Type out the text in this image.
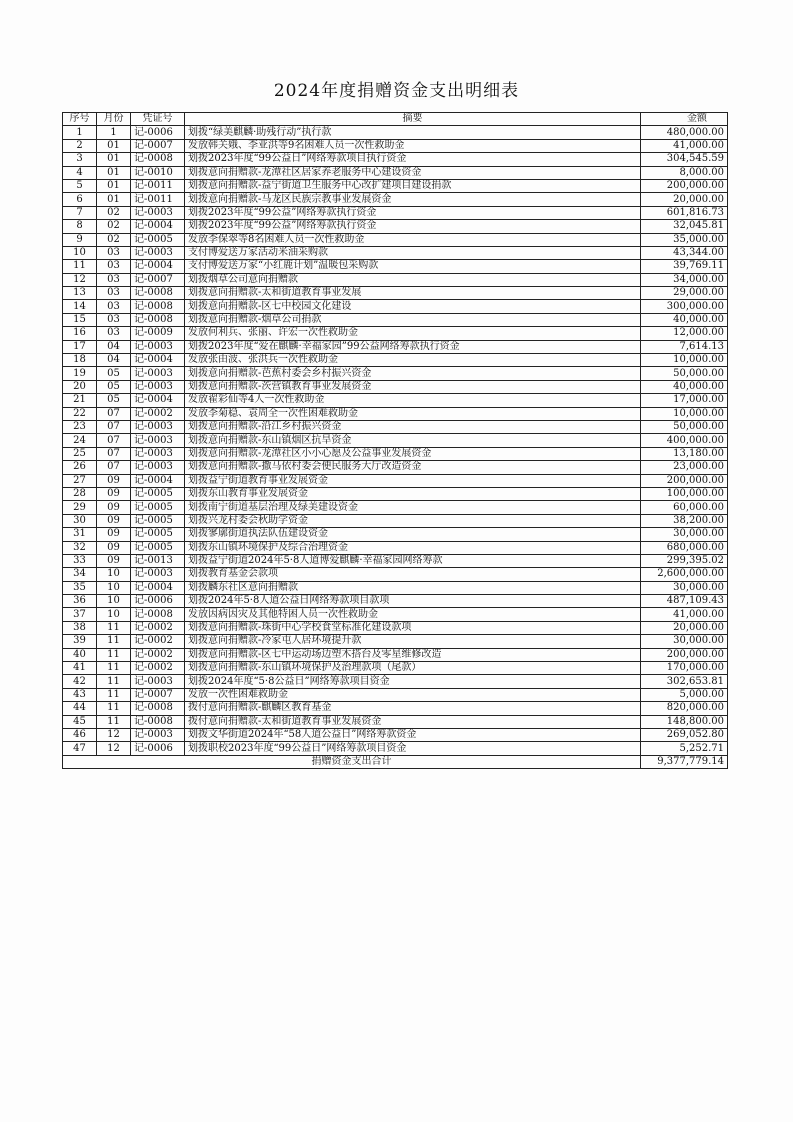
2024年度捐赠资金支出明细表
序号	月份	凭证号	摘要	金额
1	1	记-0006	划拨“绿美麒麟·助残行动”执行款	480,000.00
2	01	记-0007	发放韩关娥、李亚洪等9名困难人员一次性救助金	41,000.00
3	01	记-0008	划拨2023年度“99公益日”网络筹款项目执行资金	304,545.59
4	01	记-0010	划拨意向捐赠款-龙潭社区居家养老服务中心建设资金	8,000.00
5	01	记-0011	划拨意向捐赠款-益宁街道卫生服务中心改扩建项目建设捐款	200,000.00
6	01	记-0011	划拨意向捐赠款-马龙区民族宗教事业发展资金	20,000.00
7	02	记-0003	划拨2023年度“99公益”网络筹款执行资金	601,816.73
8	02	记-0004	划拨2023年度“99公益”网络筹款执行资金	32,045.81
9	02	记-0005	发放李保翠等8名困难人员一次性救助金	35,000.00
10	03	记-0003	支付博爱送万家活动米油采购款	43,344.00
11	03	记-0004	支付博爱送万家“小红鹿计划”温暖包采购款	39,769.11
12	03	记-0007	划拨烟草公司意向捐赠款	34,000.00
13	03	记-0008	划拨意向捐赠款-太和街道教育事业发展	29,000.00
14	03	记-0008	划拨意向捐赠款-区七中校园文化建设	300,000.00
15	03	记-0008	划拨意向捐赠款-烟草公司捐款	40,000.00
16	03	记-0009	发放何利兵、张丽、许宏一次性救助金	12,000.00
17	04	记-0003	划拨2023年度“爱在麒麟·幸福家园”99公益网络筹款执行资金	7,614.13
18	04	记-0004	发放张由波、张洪兵一次性救助金	10,000.00
19	05	记-0003	划拨意向捐赠款-芭蕉村委会乡村振兴资金	50,000.00
20	05	记-0003	划拨意向捐赠款-茨营镇教育事业发展资金	40,000.00
21	05	记-0004	发放翟彩仙等4人一次性救助金	17,000.00
22	07	记-0002	发放李菊稳、袁周全一次性困难救助金	10,000.00
23	07	记-0003	划拨意向捐赠款-沿江乡村振兴资金	50,000.00
24	07	记-0003	划拨意向捐赠款-东山镇烟区抗旱资金	400,000.00
25	07	记-0003	划拨意向捐赠款-龙潭社区小小心愿及公益事业发展资金	13,180.00
26	07	记-0003	划拨意向捐赠款-撒马依村委会便民服务大厅改造资金	23,000.00
27	09	记-0004	划拨益宁街道教育事业发展资金	200,000.00
28	09	记-0005	划拨东山教育事业发展资金	100,000.00
29	09	记-0005	划拨南宁街道基层治理及绿美建设资金	60,000.00
30	09	记-0005	划拨兴龙村委会秋助学资金	38,200.00
31	09	记-0005	划拨寥廓街道执法队伍建设资金	30,000.00
32	09	记-0005	划拨东山镇环境保护及综合治理资金	680,000.00
33	09	记-0013	划拨益宁街道2024年5·8人道博爱麒麟·幸福家园网络筹款	299,395.02
34	10	记-0003	划拨教育基金会款项	2,600,000.00
35	10	记-0004	划拨麟东社区意向捐赠款	30,000.00
36	10	记-0006	划拨2024年5·8人道公益日网络筹款项目款项	487,109.43
37	10	记-0008	发放因病因灾及其他特困人员一次性救助金	41,000.00
38	11	记-0002	划拨意向捐赠款-珠街中心学校食堂标准化建设款项	20,000.00
39	11	记-0002	划拨意向捐赠款-冷家屯人居环境提升款	30,000.00
40	11	记-0002	划拨意向捐赠款-区七中运动场边塑木搭台及零星维修改造	200,000.00
41	11	记-0002	划拨意向捐赠款-东山镇环境保护及治理款项（尾款）	170,000.00
42	11	记-0003	划拨2024年度“5·8公益日”网络筹款项目资金	302,653.81
43	11	记-0007	发放一次性困难救助金	5,000.00
44	11	记-0008	拨付意向捐赠款-麒麟区教育基金	820,000.00
45	11	记-0008	拨付意向捐赠款-太和街道教育事业发展资金	148,800.00
46	12	记-0003	划拨文华街道2024年“58人道公益日”网络筹款资金	269,052.80
47	12	记-0006	划拨职校2023年度“99公益日”网络筹款项目资金	5,252.71
捐赠资金支出合计				9,377,779.14
